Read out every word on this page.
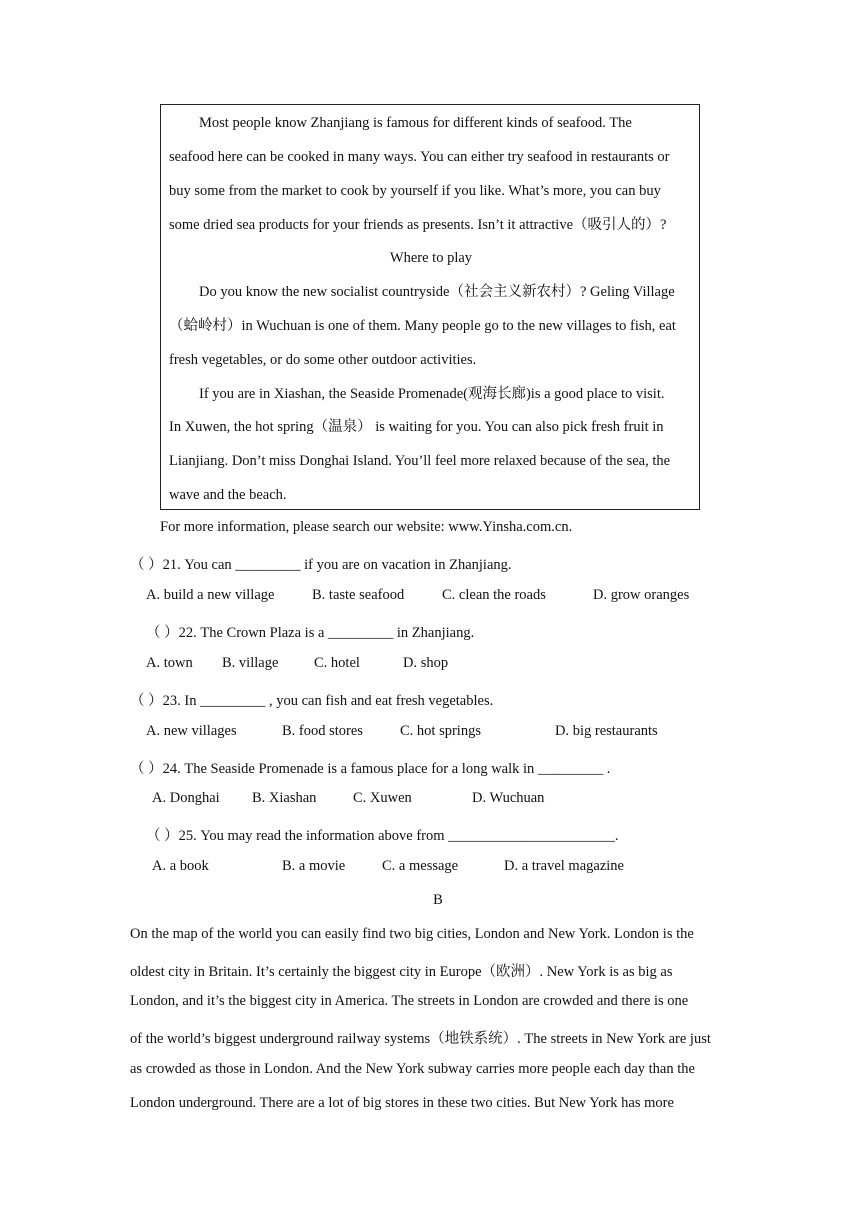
Most people know Zhanjiang is famous for different kinds of seafood. The
seafood here can be cooked in many ways. You can either try seafood in restaurants or
buy some from the market to cook by yourself if you like. What’s more, you can buy
some dried sea products for your friends as presents. Isn’t it attractive（吸引人的）?
Where to play
Do you know the new socialist countryside（社会主义新农村）? Geling Village
（蛤岭村）in Wuchuan is one of them. Many people go to the new villages to fish, eat
fresh vegetables, or do some other outdoor activities.
If you are in Xiashan, the Seaside Promenade(观海长廊)is a good place to visit.
In Xuwen, the hot spring（温泉） is waiting for you. You can also pick fresh fruit in
Lianjiang. Don’t miss Donghai Island. You’ll feel more relaxed because of the sea, the
wave and the beach.
For more information, please search our website: www.Yinsha.com.cn.
（ ）21. You can _________ if you are on vacation in Zhanjiang.
A. build a new village	B. taste seafood	C. clean the roads	D. grow oranges
（ ）22. The Crown Plaza is a _________ in Zhanjiang.
A. town B. village C. hotel	D. shop
（ ）23. In _________ , you can fish and eat fresh vegetables.
A. new villages	B. food stores	C. hot springs	D. big restaurants
（ ）24. The Seaside Promenade is a famous place for a long walk in _________ .
A. Donghai B. Xiashan	C. Xuwen	D. Wuchuan
（ ）25. You may read the information above from _______________________.
A. a book	B. a movie	C. a message	D. a travel magazine
B
On the map of the world you can easily find two big cities, London and New York. London is the
oldest city in Britain. It’s certainly the biggest city in Europe（欧洲）. New York is as big as
London, and it’s the biggest city in America. The streets in London are crowded and there is one
of the world’s biggest underground railway systems（地铁系统）. The streets in New York are just
as crowded as those in London. And the New York subway carries more people each day than the
London underground. There are a lot of big stores in these two cities. But New York has more
